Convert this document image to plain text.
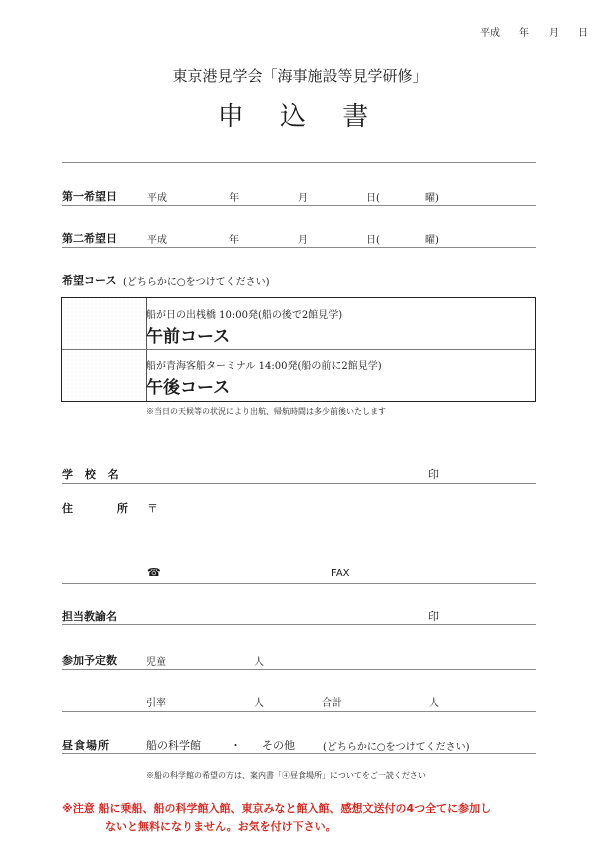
平成 年 月 日
東京港見学会「海事施設等見学研修」
申 込 書
第一希望日	平成	年	月	日(	曜)
第二希望日	平成	年	月	日(	曜)
希望コース (どちらかに○をつけてください)
船が日の出桟橋 10:00発(船の後で2館見学)
午前コース
船が青海客船ターミナル 14:00発(船の前に2館見学)
午後コース
※当日の天候等の状況により出航、帰航時間は多少前後いたします
学 校 名	印
住 所 〒
☎	FAX
担当教諭名	印
参加予定数	児童	人
引率	人	合計	人
昼食場所	船の科学館	・ その他	(どちらかに○をつけてください)
※船の科学館の希望の方は、案内書「④昼食場所」についてをご一読ください
※注意 船に乗船、船の科学館入館、東京みなと館入館、感想文送付の4つ全てに参加し
ないと無料になりません。お気を付け下さい。
